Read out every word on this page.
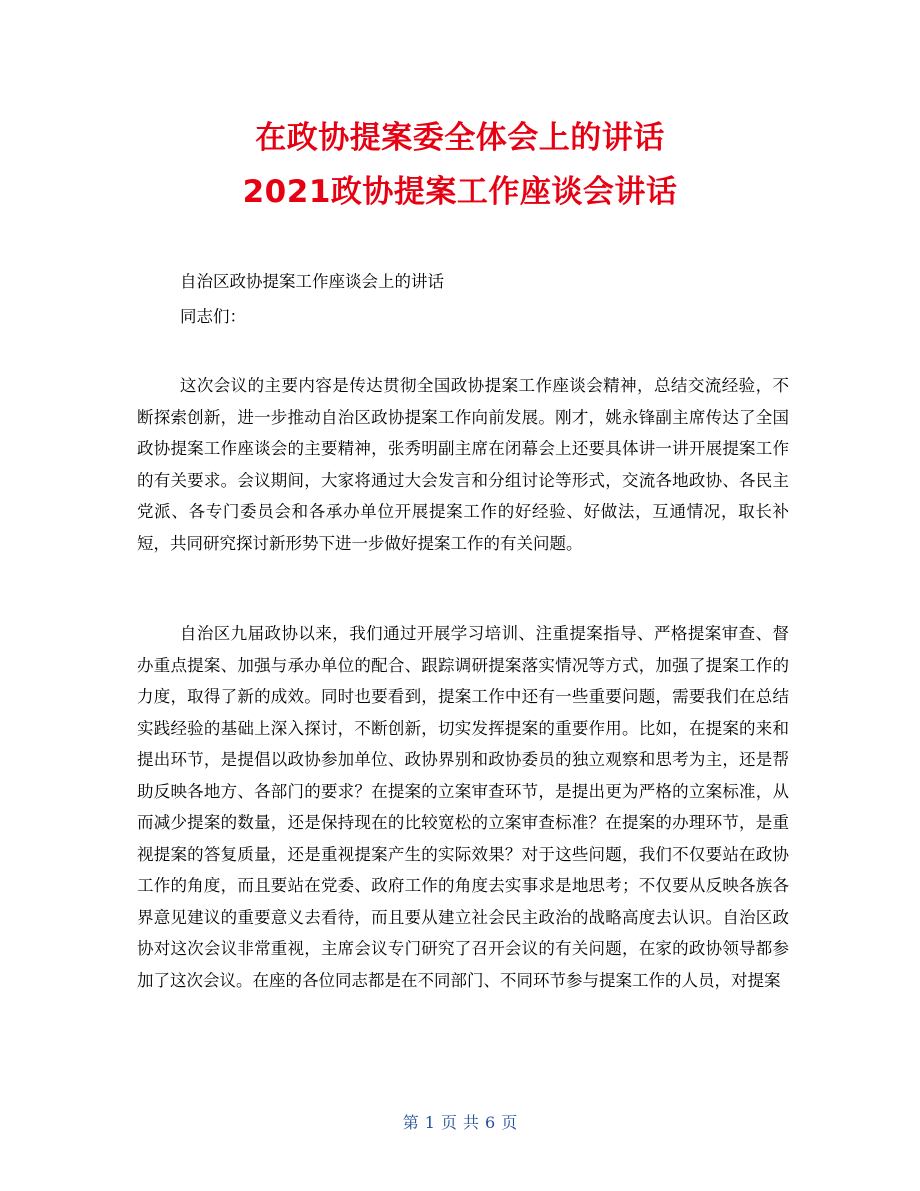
在政协提案委全体会上的讲话
2021政协提案工作座谈会讲话
自治区政协提案工作座谈会上的讲话
同志们：

这次会议的主要内容是传达贯彻全国政协提案工作座谈会精神，总结交流经验，不断探索创新，进一步推动自治区政协提案工作向前发展。刚才，姚永锋副主席传达了全国政协提案工作座谈会的主要精神，张秀明副主席在闭幕会上还要具体讲一讲开展提案工作的有关要求。会议期间，大家将通过大会发言和分组讨论等形式，交流各地政协、各民主党派、各专门委员会和各承办单位开展提案工作的好经验、好做法，互通情况，取长补短，共同研究探讨新形势下进一步做好提案工作的有关问题。

自治区九届政协以来，我们通过开展学习培训、注重提案指导、严格提案审查、督办重点提案、加强与承办单位的配合、跟踪调研提案落实情况等方式，加强了提案工作的力度，取得了新的成效。同时也要看到，提案工作中还有一些重要问题，需要我们在总结实践经验的基础上深入探讨，不断创新，切实发挥提案的重要作用。比如，在提案的来和提出环节，是提倡以政协参加单位、政协界别和政协委员的独立观察和思考为主，还是帮助反映各地方、各部门的要求？在提案的立案审查环节，是提出更为严格的立案标准，从而减少提案的数量，还是保持现在的比较宽松的立案审查标准？在提案的办理环节，是重视提案的答复质量，还是重视提案产生的实际效果？对于这些问题，我们不仅要站在政协工作的角度，而且要站在党委、政府工作的角度去实事求是地思考；不仅要从反映各族各界意见建议的重要意义去看待，而且要从建立社会民主政治的战略高度去认识。自治区政协对这次会议非常重视，主席会议专门研究了召开会议的有关问题，在家的政协领导都参加了这次会议。在座的各位同志都是在不同部门、不同环节参与提案工作的人员，对提案

第 1 页 共 6 页
